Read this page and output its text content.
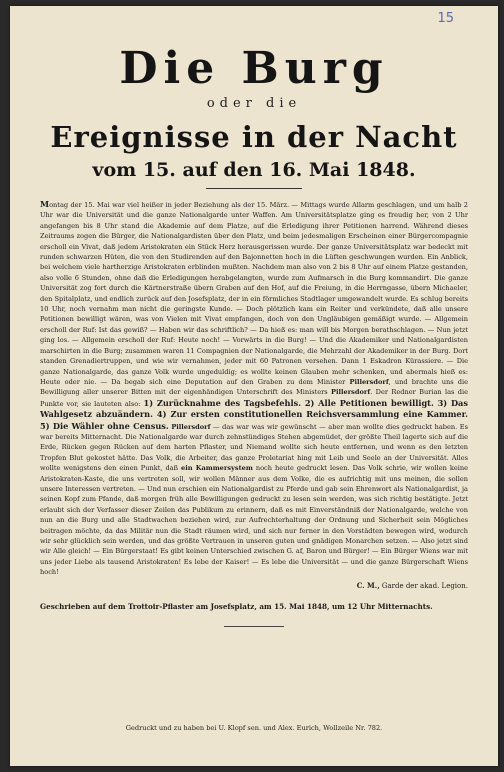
15
Die Burg
oder die
Ereignisse in der Nacht
vom 15. auf den 16. Mai 1848.
Montag der 15. Mai war viel heißer in jeder Beziehung als der 15. März. — Mittags wurde Allarm geschlagen, und um halb 2 Uhr war die Universität und die ganze Nationalgarde unter Waffen. Am Universitätsplatze ging es freudig her, von 2 Uhr angefangen bis 8 Uhr stand die Akademie auf dem Platze, auf die Erledigung ihrer Petitionen harrend. Während dieses Zeitraums zogen die Bürger, die Nationalgardisten über den Platz, und beim jedesmaligen Erscheinen einer Bürgercompagnie erscholl ein Vivat, daß jedem Aristokraten ein Stück Herz herausgerissen wurde. Der ganze Universitätsplatz war bedeckt mit runden schwarzen Hüten, die von den Studirenden auf den Bajonnetten hoch in die Lüften geschwungen wurden. Ein Anblick, bei welchem viele hartherzige Aristokraten erblinden mußten. Nachdem man also von 2 bis 8 Uhr auf einem Platze gestanden, also volle 6 Stunden, ohne daß die Erledigungen herabgelangten, wurde zum Aufmarsch in die Burg kommandirt. Die ganze Universität zog fort durch die Kärtnerstraße übern Graben auf den Hof, auf die Freiung, in die Herrngasse, übern Michaeler, den Spitalplatz, und endlich zurück auf den Josefsplatz, der in ein förmliches Stadtlager umgewandelt wurde. Es schlug bereits 10 Uhr, noch vernahm man nicht die geringste Kunde. — Doch plötzlich kam ein Reiter und verkündete, daß alle unsere Petitionen bewilligt wären, was von Vielen mit Vivat empfangen, doch von den Ungläubigen gemäßigt wurde. — Allgemein erscholl der Ruf: Ist das gewiß? — Haben wir das schriftlich? — Da hieß es: man will bis Morgen berathschlagen. — Nun jetzt ging los. — Allgemein erscholl der Ruf: Heute noch! — Vorwärts in die Burg! — Und die Akademiker und Nationalgardisten marschirten in die Burg; zusammen waren 11 Compagnien der Nationalgarde, die Mehrzahl der Akademiker in der Burg. Dort standen Grenadiertruppen, und wie wir vernahmen, jeder mit 60 Patronen versehen. Dann 1 Eskadron Kürassiere. — Die ganze Nationalgarde, das ganze Volk wurde ungeduldig; es wollte keinen Glauben mehr schenken, und abermals hieß es: Heute oder nie. — Da begab sich eine Deputation auf den Graben zu dem Minister Pillersdorf, und brachte uns die Bewilligung aller unserer Bitten mit der eigenhändigen Unterschrift des Ministers Pillersdorf. Der Redner Burian las die Punkte vor, sie lauteten also: 1) Zurücknahme des Tagsbefehls. 2) Alle Petitionen bewilligt. 3) Das Wahlgesetz abzuändern. 4) Zur ersten constitutionellen Reichsversammlung eine Kammer. 5) Die Wähler ohne Census. Pillersdorf — das war was wir gewünscht — aber man wollte dies gedruckt haben. Es war bereits Mitternacht. Die Nationalgarde war durch zehnstündiges Stehen abgemüdet, der größte Theil lagerte sich auf die Erde, Rücken gegen Rücken auf dem harten Pflaster, und Niemand wollte sich heute entfernen, und wenn es den letzten Tropfen Blut gekostet hätte. Das Volk, die Arbeiter, das ganze Proletariat hing mit Leib und Seele an der Universität. Alles wollte wenigstens den einen Punkt, daß ein Kammersystem noch heute gedruckt lesen. Das Volk schrie, wir wollen keine Aristokraten-Kaste, die uns vertreten soll, wir wollen Männer aus dem Volke, die es aufrichtig mit uns meinen, die sollen unsere Interessen vertreten. — Und nun erschien ein Nationalgardist zu Pferde und gab sein Ehrenwort als Nationalgardist, ja seinen Kopf zum Pfande, daß morgen früh alle Bewilligungen gedruckt zu lesen sein werden, was sich richtig bestätigte. Jetzt erlaubt sich der Verfasser dieser Zeilen das Publikum zu erinnern, daß es mit Einverständniß der Nationalgarde, welche von nun an die Burg und alle Stadtwachen beziehen wird, zur Aufrechterhaltung der Ordnung und Sicherheit sein Mögliches beitragen möchte, da das Militär nun die Stadt räumen wird, und sich nur ferner in den Vorstädten bewegen wird, wodurch wir sehr glücklich sein werden, und das größte Vertrauen in unseren guten und gnädigen Monarchen setzen. — Also jetzt sind wir Alle gleich! — Ein Bürgerstaat! Es gibt keinen Unterschied zwischen G. af, Baron und Bürger! — Ein Bürger Wiens war mit uns jeder Liebe als tausend Aristokraten! Es lebe der Kaiser! — Es lebe die Universität — und die ganze Bürgerschaft Wiens hoch!
C. M., Garde der akad. Legion.
Geschrieben auf dem Trottoir-Pflaster am Josefsplatz, am 15. Mai 1848, um 12 Uhr Mitternachts.
Gedruckt und zu haben bei U. Klopf sen. und Alex. Eurich, Wollzeile Nr. 782.
